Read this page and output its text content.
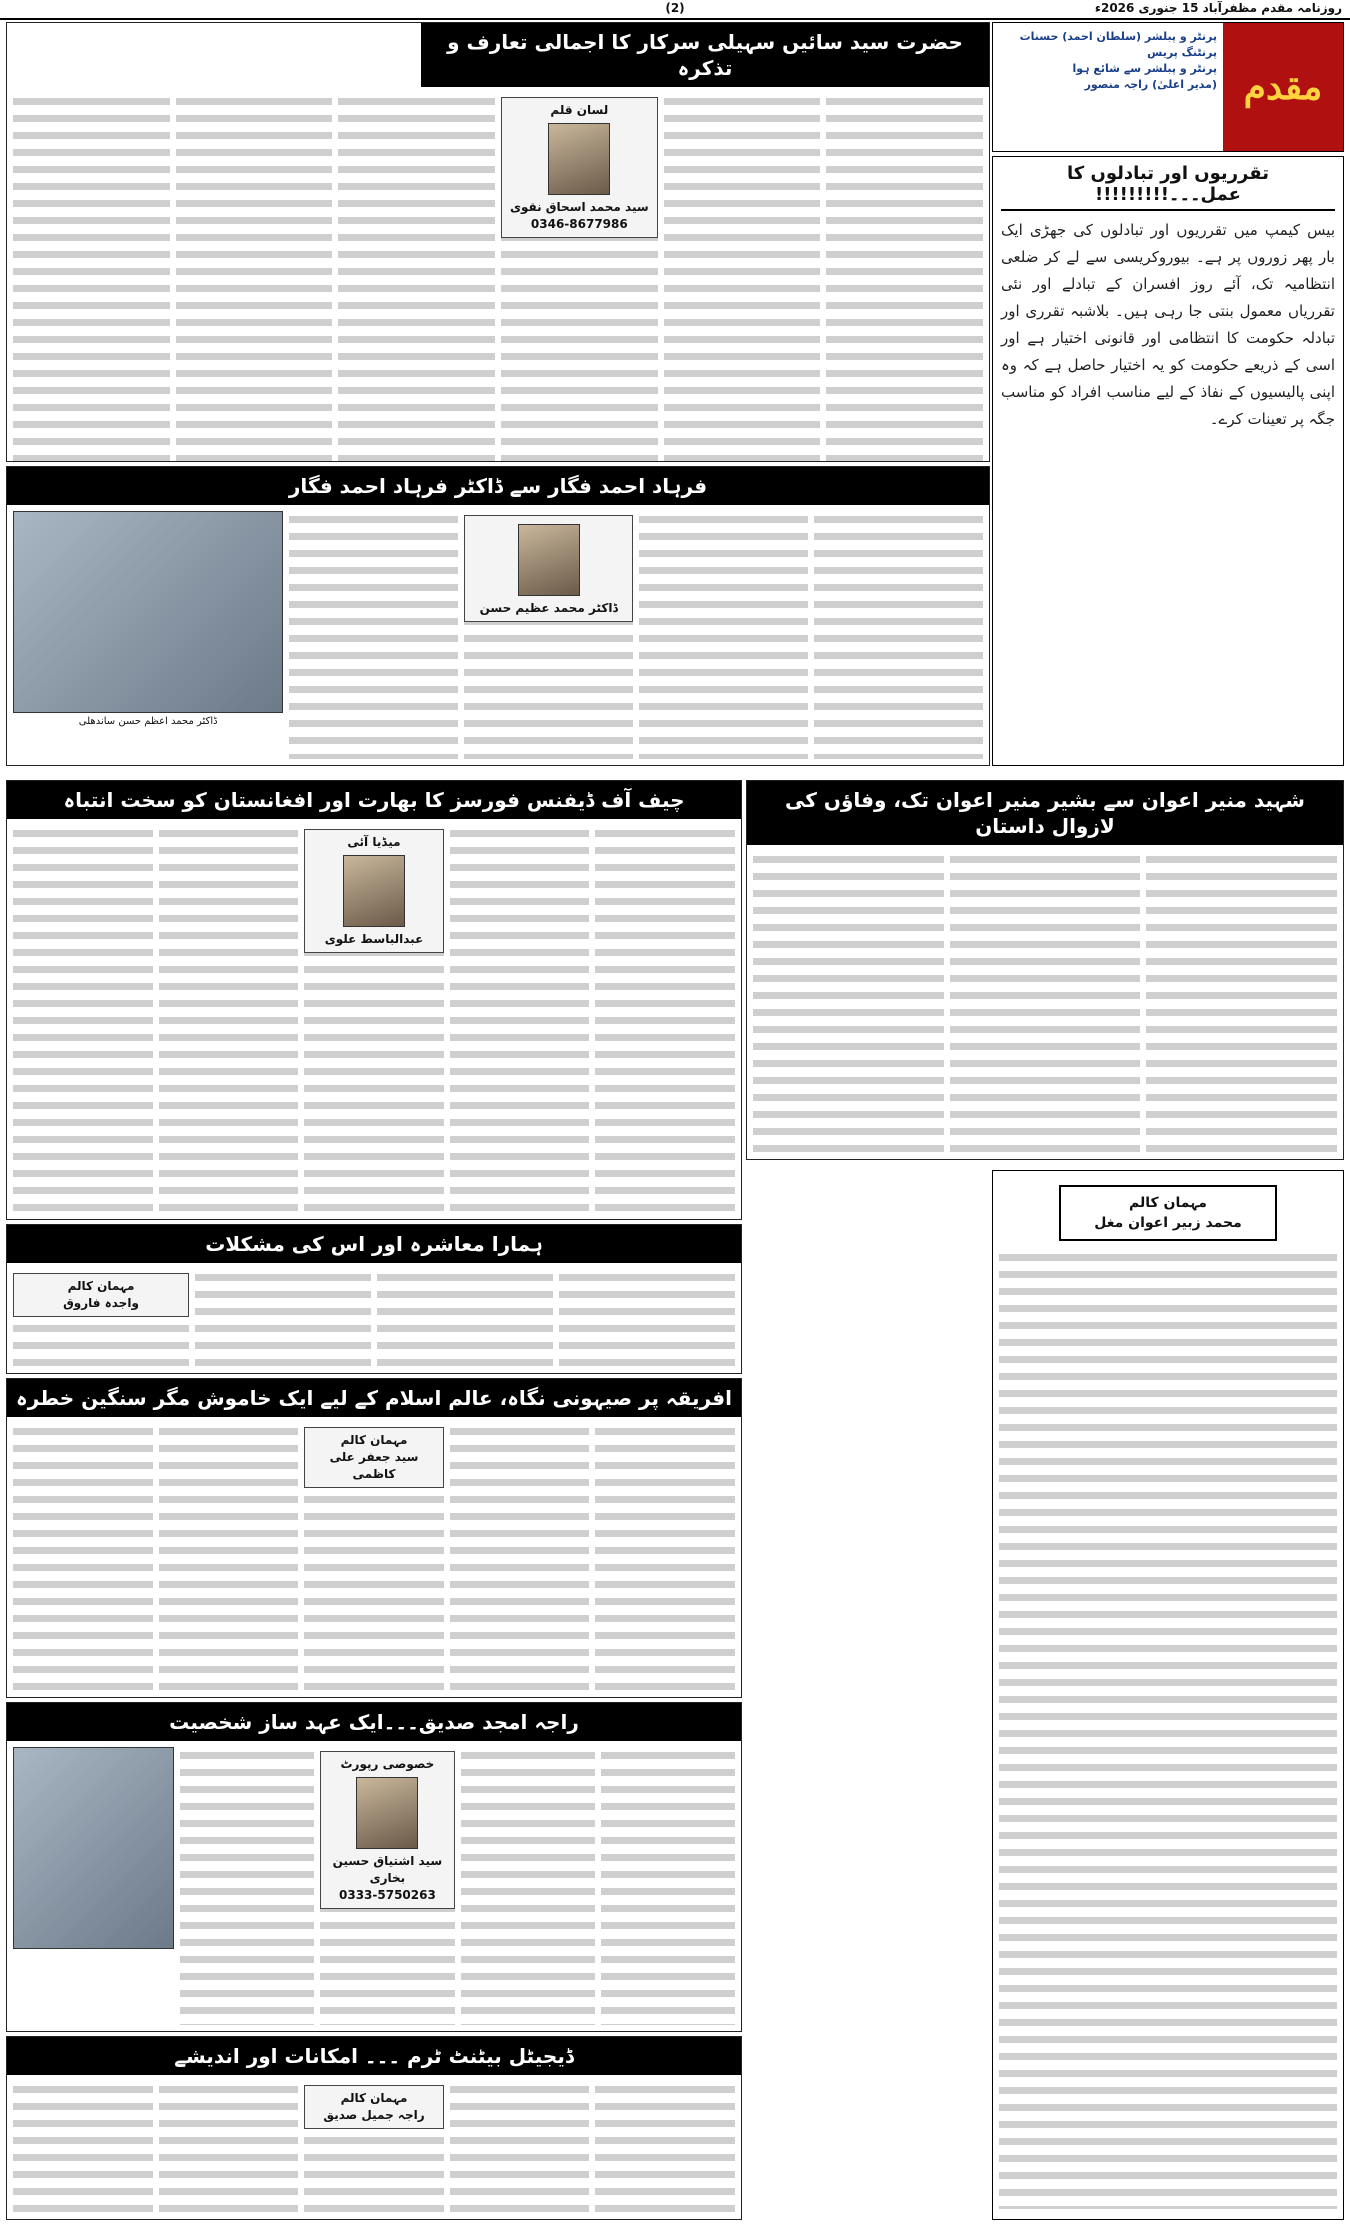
روزنامہ مقدم مظفرآباد 15 جنوری 2026ء
(2)
مقدم
پرنٹر و پبلشر (سلطان احمد) حسنات پرنٹنگ پریس
پرنٹر و پبلشر سے شائع ہوا
(مدیر اعلیٰ) راجہ منصور
تقرریوں اور تبادلوں کا عمل۔۔۔!!!!!!!!!
بیس کیمپ میں تقرریوں اور تبادلوں کی جھڑی ایک بار پھر زوروں پر ہے۔ بیوروکریسی سے لے کر ضلعی انتظامیہ تک، آئے روز افسران کے تبادلے اور نئی تقرریاں معمول بنتی جا رہی ہیں۔ بلاشبہ تقرری اور تبادلہ حکومت کا انتظامی اور قانونی اختیار ہے اور اسی کے ذریعے حکومت کو یہ اختیار حاصل ہے کہ وہ اپنی پالیسیوں کے نفاذ کے لیے مناسب افراد کو مناسب جگہ پر تعینات کرے۔
مہمان کالم
محمد زبیر اعوان مغل
حضرت سید سائیں سہیلی سرکار کا اجمالی تعارف و تذکرہ
لسان قلم
سید محمد اسحاق نقوی
0346-8677986
فرہاد احمد فگار سے ڈاکٹر فرہاد احمد فگار
ڈاکٹر محمد عظیم حسن
ڈاکٹر محمد اعظم حسن ساندھلی
شہید منیر اعوان سے بشیر منیر اعوان تک، وفاؤں کی لازوال داستان
چیف آف ڈیفنس فورسز کا بھارت اور افغانستان کو سخت انتباہ
میڈیا آئی
عبدالباسط علوی
ہمارا معاشرہ اور اس کی مشکلات
مہمان کالم
واجدہ فاروق
افریقہ پر صیہونی نگاہ، عالم اسلام کے لیے ایک خاموش مگر سنگین خطرہ
مہمان کالم
سید جعفر علی کاظمی
راجہ امجد صدیق۔۔۔ایک عہد ساز شخصیت
خصوصی رپورٹ
سید اشتیاق حسین بخاری
0333-5750263
ڈیجیٹل بیٹنٹ ٹرم ۔۔۔ امکانات اور اندیشے
مہمان کالم
راجہ جمیل صدیق
